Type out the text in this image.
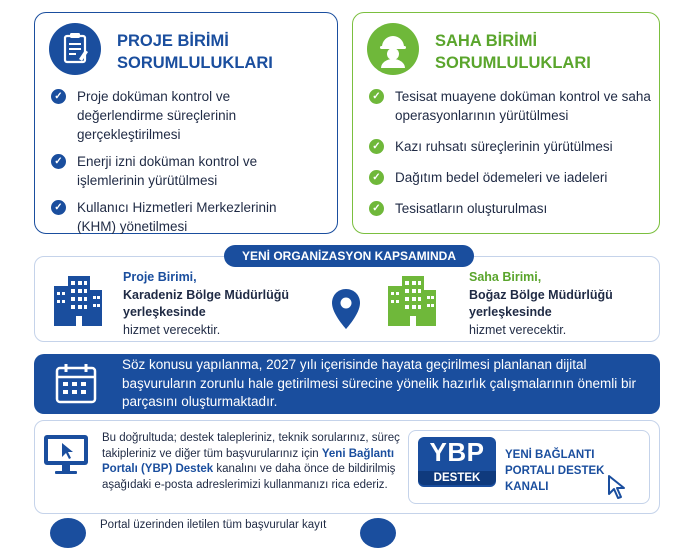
PROJE BİRİMİ
SORUMLULUKLARI
✓ Proje doküman kontrol ve değerlendirme süreçlerinin gerçekleştirilmesi
✓ Enerji izni doküman kontrol ve işlemlerinin yürütülmesi
✓ Kullanıcı Hizmetleri Merkezlerinin (KHM) yönetilmesi
SAHA BİRİMİ
SORUMLULUKLARI
✓ Tesisat muayene doküman kontrol ve saha operasyonlarının yürütülmesi
✓ Kazı ruhsatı süreçlerinin yürütülmesi
✓ Dağıtım bedel ödemeleri ve iadeleri
✓ Tesisatların oluşturulması
YENİ ORGANİZASYON KAPSAMINDA
Proje Birimi,
Karadeniz Bölge Müdürlüğü yerleşkesinde
hizmet verecektir.
Saha Birimi,
Boğaz Bölge Müdürlüğü yerleşkesinde
hizmet verecektir.
Söz konusu yapılanma, 2027 yılı içerisinde hayata geçirilmesi planlanan dijital başvuruların zorunlu hale getirilmesi sürecine yönelik hazırlık çalışmalarının önemli bir parçasını oluşturmaktadır.
Bu doğrultuda; destek talepleriniz, teknik sorularınız, süreç takipleriniz ve diğer tüm başvurularınız için Yeni Bağlantı Portalı (YBP) Destek kanalını ve daha önce de bildirilmiş aşağıdaki e-posta adreslerimizi kullanmanızı rica ederiz.
YBP
DESTEK
YENİ BAĞLANTI PORTALI DESTEK KANALI
Portal üzerinden iletilen tüm başvurular kayıt
